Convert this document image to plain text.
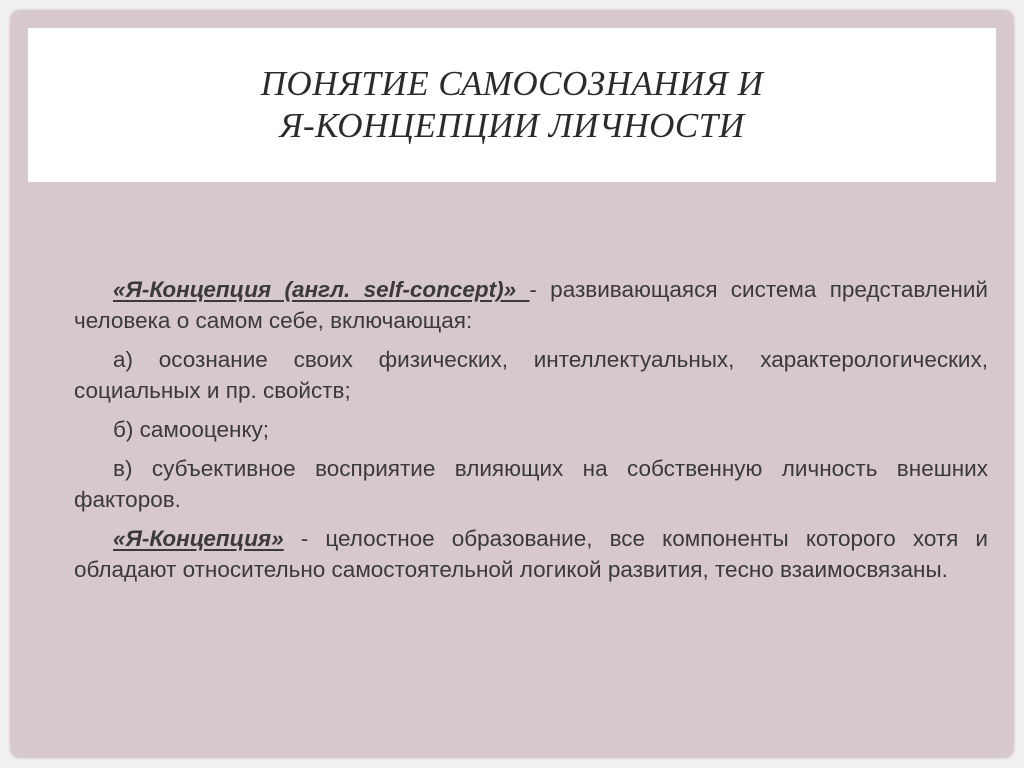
ПОНЯТИЕ САМОСОЗНАНИЯ И
Я-КОНЦЕПЦИИ ЛИЧНОСТИ

«Я-Концепция (англ. self-concept)» - развивающаяся система представлений человека о самом себе, включающая:

а) осознание своих физических, интеллектуальных, характерологических, социальных и пр. свойств;

б) самооценку;

в) субъективное восприятие влияющих на собственную личность внешних факторов.

«Я-Концепция» - целостное образование, все компоненты которого хотя и обладают относительно самостоятельной логикой развития, тесно взаимосвязаны.
